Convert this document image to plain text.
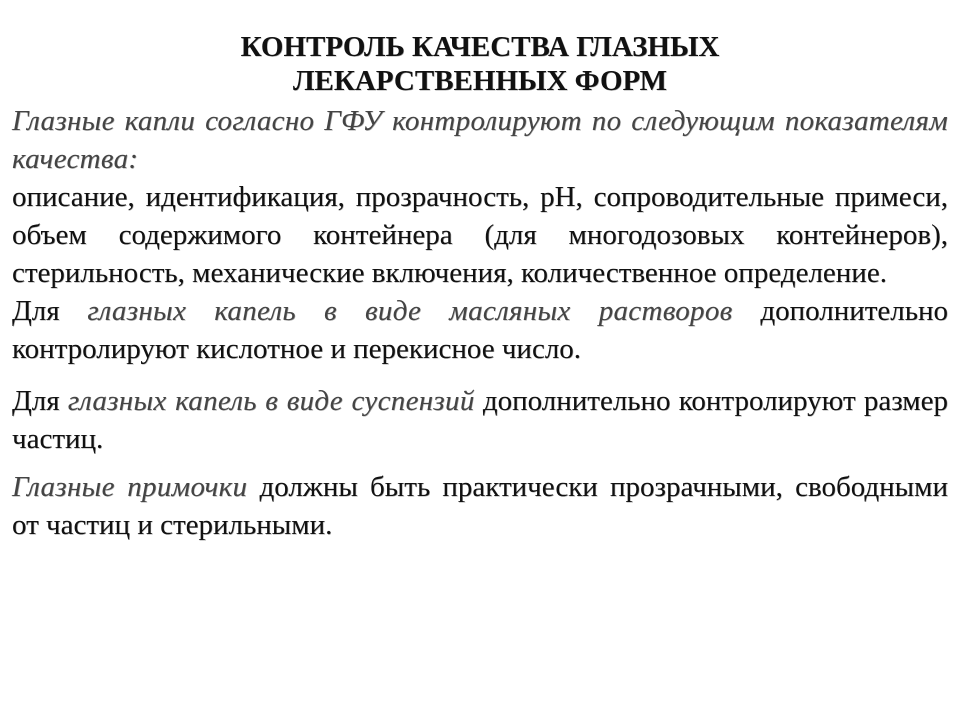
КОНТРОЛЬ КАЧЕСТВА ГЛАЗНЫХ
ЛЕКАРСТВЕННЫХ ФОРМ

Глазные капли согласно ГФУ контролируют по следующим показателям качества:

описание, идентификация, прозрачность, рН, сопроводительные примеси, объем содержимого контейнера (для многодозовых контейнеров), стерильность, механические включения, количественное определение.

Для глазных капель в виде масляных растворов дополнительно контролируют кислотное и перекисное число.

Для глазных капель в виде суспензий дополнительно контролируют размер частиц.

Глазные примочки должны быть практически прозрачными, свободными от частиц и стерильными.
